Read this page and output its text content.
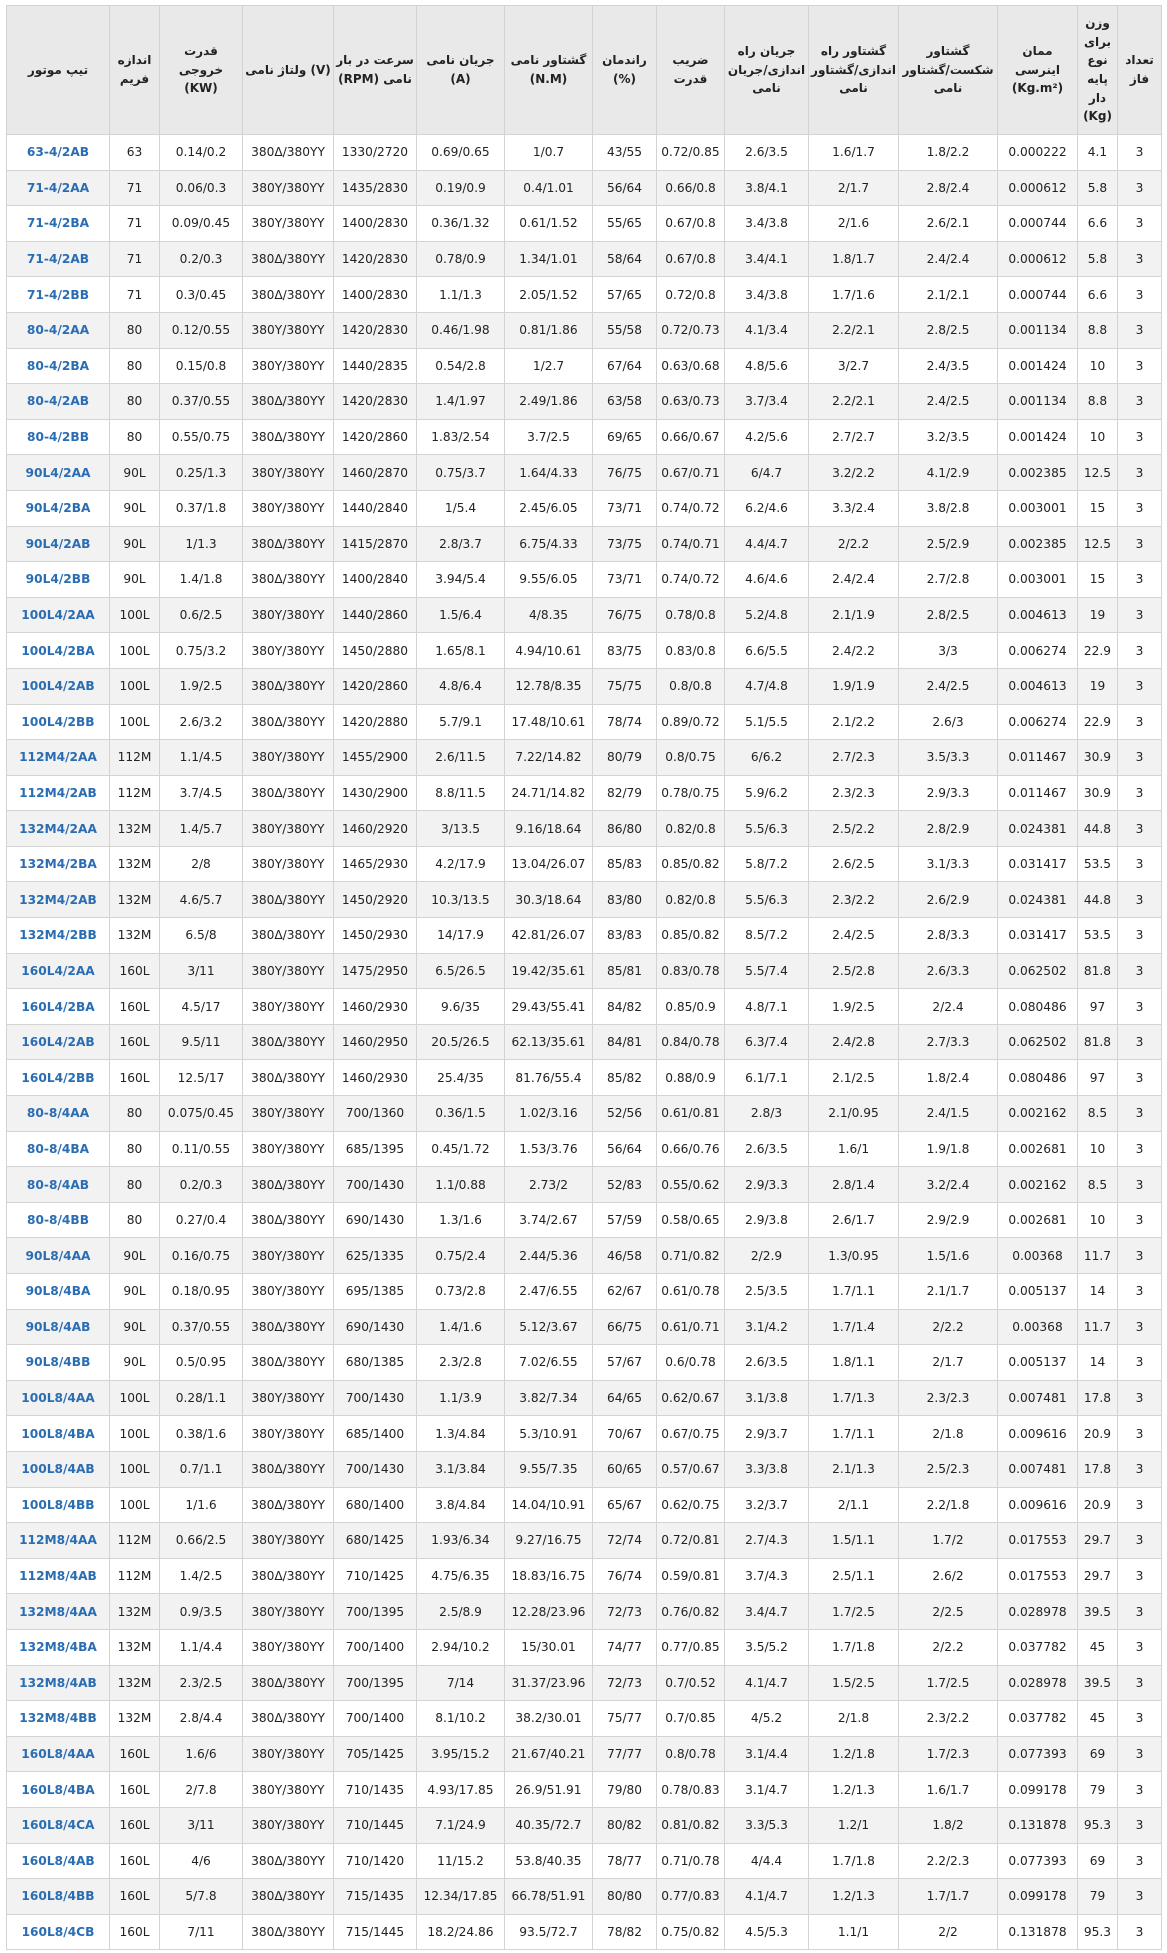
تیپ موتور	اندازه فریم	قدرت خروجی (KW)	(V) ولتاژ نامی	سرعت در بار نامی (RPM)	جریان نامی (A)	گشتاور نامی (N.M)	راندمان (%)	ضریب قدرت	جریان راه اندازی/جریان نامی	گشتاور راه اندازی/گشتاور نامی	گشتاور شکست/گشتاور نامی	ممان اینرسی (Kg.m²)	وزن برای نوع پایه دار (Kg)	تعداد فاز
63-4/2AB	63	0.14/0.2	380Δ/380YY	1330/2720	0.69/0.65	1/0.7	43/55	0.72/0.85	2.6/3.5	1.6/1.7	1.8/2.2	0.000222	4.1	3
71-4/2AA	71	0.06/0.3	380Y/380YY	1435/2830	0.19/0.9	0.4/1.01	56/64	0.66/0.8	3.8/4.1	2/1.7	2.8/2.4	0.000612	5.8	3
71-4/2BA	71	0.09/0.45	380Y/380YY	1400/2830	0.36/1.32	0.61/1.52	55/65	0.67/0.8	3.4/3.8	2/1.6	2.6/2.1	0.000744	6.6	3
71-4/2AB	71	0.2/0.3	380Δ/380YY	1420/2830	0.78/0.9	1.34/1.01	58/64	0.67/0.8	3.4/4.1	1.8/1.7	2.4/2.4	0.000612	5.8	3
71-4/2BB	71	0.3/0.45	380Δ/380YY	1400/2830	1.1/1.3	2.05/1.52	57/65	0.72/0.8	3.4/3.8	1.7/1.6	2.1/2.1	0.000744	6.6	3
80-4/2AA	80	0.12/0.55	380Y/380YY	1420/2830	0.46/1.98	0.81/1.86	55/58	0.72/0.73	4.1/3.4	2.2/2.1	2.8/2.5	0.001134	8.8	3
80-4/2BA	80	0.15/0.8	380Y/380YY	1440/2835	0.54/2.8	1/2.7	67/64	0.63/0.68	4.8/5.6	3/2.7	2.4/3.5	0.001424	10	3
80-4/2AB	80	0.37/0.55	380Δ/380YY	1420/2830	1.4/1.97	2.49/1.86	63/58	0.63/0.73	3.7/3.4	2.2/2.1	2.4/2.5	0.001134	8.8	3
80-4/2BB	80	0.55/0.75	380Δ/380YY	1420/2860	1.83/2.54	3.7/2.5	69/65	0.66/0.67	4.2/5.6	2.7/2.7	3.2/3.5	0.001424	10	3
90L4/2AA	90L	0.25/1.3	380Y/380YY	1460/2870	0.75/3.7	1.64/4.33	76/75	0.67/0.71	6/4.7	3.2/2.2	4.1/2.9	0.002385	12.5	3
90L4/2BA	90L	0.37/1.8	380Y/380YY	1440/2840	1/5.4	2.45/6.05	73/71	0.74/0.72	6.2/4.6	3.3/2.4	3.8/2.8	0.003001	15	3
90L4/2AB	90L	1/1.3	380Δ/380YY	1415/2870	2.8/3.7	6.75/4.33	73/75	0.74/0.71	4.4/4.7	2/2.2	2.5/2.9	0.002385	12.5	3
90L4/2BB	90L	1.4/1.8	380Δ/380YY	1400/2840	3.94/5.4	9.55/6.05	73/71	0.74/0.72	4.6/4.6	2.4/2.4	2.7/2.8	0.003001	15	3
100L4/2AA	100L	0.6/2.5	380Y/380YY	1440/2860	1.5/6.4	4/8.35	76/75	0.78/0.8	5.2/4.8	2.1/1.9	2.8/2.5	0.004613	19	3
100L4/2BA	100L	0.75/3.2	380Y/380YY	1450/2880	1.65/8.1	4.94/10.61	83/75	0.83/0.8	6.6/5.5	2.4/2.2	3/3	0.006274	22.9	3
100L4/2AB	100L	1.9/2.5	380Δ/380YY	1420/2860	4.8/6.4	12.78/8.35	75/75	0.8/0.8	4.7/4.8	1.9/1.9	2.4/2.5	0.004613	19	3
100L4/2BB	100L	2.6/3.2	380Δ/380YY	1420/2880	5.7/9.1	17.48/10.61	78/74	0.89/0.72	5.1/5.5	2.1/2.2	2.6/3	0.006274	22.9	3
112M4/2AA	112M	1.1/4.5	380Y/380YY	1455/2900	2.6/11.5	7.22/14.82	80/79	0.8/0.75	6/6.2	2.7/2.3	3.5/3.3	0.011467	30.9	3
112M4/2AB	112M	3.7/4.5	380Δ/380YY	1430/2900	8.8/11.5	24.71/14.82	82/79	0.78/0.75	5.9/6.2	2.3/2.3	2.9/3.3	0.011467	30.9	3
132M4/2AA	132M	1.4/5.7	380Y/380YY	1460/2920	3/13.5	9.16/18.64	86/80	0.82/0.8	5.5/6.3	2.5/2.2	2.8/2.9	0.024381	44.8	3
132M4/2BA	132M	2/8	380Y/380YY	1465/2930	4.2/17.9	13.04/26.07	85/83	0.85/0.82	5.8/7.2	2.6/2.5	3.1/3.3	0.031417	53.5	3
132M4/2AB	132M	4.6/5.7	380Δ/380YY	1450/2920	10.3/13.5	30.3/18.64	83/80	0.82/0.8	5.5/6.3	2.3/2.2	2.6/2.9	0.024381	44.8	3
132M4/2BB	132M	6.5/8	380Δ/380YY	1450/2930	14/17.9	42.81/26.07	83/83	0.85/0.82	8.5/7.2	2.4/2.5	2.8/3.3	0.031417	53.5	3
160L4/2AA	160L	3/11	380Y/380YY	1475/2950	6.5/26.5	19.42/35.61	85/81	0.83/0.78	5.5/7.4	2.5/2.8	2.6/3.3	0.062502	81.8	3
160L4/2BA	160L	4.5/17	380Y/380YY	1460/2930	9.6/35	29.43/55.41	84/82	0.85/0.9	4.8/7.1	1.9/2.5	2/2.4	0.080486	97	3
160L4/2AB	160L	9.5/11	380Δ/380YY	1460/2950	20.5/26.5	62.13/35.61	84/81	0.84/0.78	6.3/7.4	2.4/2.8	2.7/3.3	0.062502	81.8	3
160L4/2BB	160L	12.5/17	380Δ/380YY	1460/2930	25.4/35	81.76/55.4	85/82	0.88/0.9	6.1/7.1	2.1/2.5	1.8/2.4	0.080486	97	3
80-8/4AA	80	0.075/0.45	380Y/380YY	700/1360	0.36/1.5	1.02/3.16	52/56	0.61/0.81	2.8/3	2.1/0.95	2.4/1.5	0.002162	8.5	3
80-8/4BA	80	0.11/0.55	380Y/380YY	685/1395	0.45/1.72	1.53/3.76	56/64	0.66/0.76	2.6/3.5	1.6/1	1.9/1.8	0.002681	10	3
80-8/4AB	80	0.2/0.3	380Δ/380YY	700/1430	1.1/0.88	2.73/2	52/83	0.55/0.62	2.9/3.3	2.8/1.4	3.2/2.4	0.002162	8.5	3
80-8/4BB	80	0.27/0.4	380Δ/380YY	690/1430	1.3/1.6	3.74/2.67	57/59	0.58/0.65	2.9/3.8	2.6/1.7	2.9/2.9	0.002681	10	3
90L8/4AA	90L	0.16/0.75	380Y/380YY	625/1335	0.75/2.4	2.44/5.36	46/58	0.71/0.82	2/2.9	1.3/0.95	1.5/1.6	0.00368	11.7	3
90L8/4BA	90L	0.18/0.95	380Y/380YY	695/1385	0.73/2.8	2.47/6.55	62/67	0.61/0.78	2.5/3.5	1.7/1.1	2.1/1.7	0.005137	14	3
90L8/4AB	90L	0.37/0.55	380Δ/380YY	690/1430	1.4/1.6	5.12/3.67	66/75	0.61/0.71	3.1/4.2	1.7/1.4	2/2.2	0.00368	11.7	3
90L8/4BB	90L	0.5/0.95	380Δ/380YY	680/1385	2.3/2.8	7.02/6.55	57/67	0.6/0.78	2.6/3.5	1.8/1.1	2/1.7	0.005137	14	3
100L8/4AA	100L	0.28/1.1	380Y/380YY	700/1430	1.1/3.9	3.82/7.34	64/65	0.62/0.67	3.1/3.8	1.7/1.3	2.3/2.3	0.007481	17.8	3
100L8/4BA	100L	0.38/1.6	380Y/380YY	685/1400	1.3/4.84	5.3/10.91	70/67	0.67/0.75	2.9/3.7	1.7/1.1	2/1.8	0.009616	20.9	3
100L8/4AB	100L	0.7/1.1	380Δ/380YY	700/1430	3.1/3.84	9.55/7.35	60/65	0.57/0.67	3.3/3.8	2.1/1.3	2.5/2.3	0.007481	17.8	3
100L8/4BB	100L	1/1.6	380Δ/380YY	680/1400	3.8/4.84	14.04/10.91	65/67	0.62/0.75	3.2/3.7	2/1.1	2.2/1.8	0.009616	20.9	3
112M8/4AA	112M	0.66/2.5	380Y/380YY	680/1425	1.93/6.34	9.27/16.75	72/74	0.72/0.81	2.7/4.3	1.5/1.1	1.7/2	0.017553	29.7	3
112M8/4AB	112M	1.4/2.5	380Δ/380YY	710/1425	4.75/6.35	18.83/16.75	76/74	0.59/0.81	3.7/4.3	2.5/1.1	2.6/2	0.017553	29.7	3
132M8/4AA	132M	0.9/3.5	380Y/380YY	700/1395	2.5/8.9	12.28/23.96	72/73	0.76/0.82	3.4/4.7	1.7/2.5	2/2.5	0.028978	39.5	3
132M8/4BA	132M	1.1/4.4	380Y/380YY	700/1400	2.94/10.2	15/30.01	74/77	0.77/0.85	3.5/5.2	1.7/1.8	2/2.2	0.037782	45	3
132M8/4AB	132M	2.3/2.5	380Δ/380YY	700/1395	7/14	31.37/23.96	72/73	0.7/0.52	4.1/4.7	1.5/2.5	1.7/2.5	0.028978	39.5	3
132M8/4BB	132M	2.8/4.4	380Δ/380YY	700/1400	8.1/10.2	38.2/30.01	75/77	0.7/0.85	4/5.2	2/1.8	2.3/2.2	0.037782	45	3
160L8/4AA	160L	1.6/6	380Y/380YY	705/1425	3.95/15.2	21.67/40.21	77/77	0.8/0.78	3.1/4.4	1.2/1.8	1.7/2.3	0.077393	69	3
160L8/4BA	160L	2/7.8	380Y/380YY	710/1435	4.93/17.85	26.9/51.91	79/80	0.78/0.83	3.1/4.7	1.2/1.3	1.6/1.7	0.099178	79	3
160L8/4CA	160L	3/11	380Y/380YY	710/1445	7.1/24.9	40.35/72.7	80/82	0.81/0.82	3.3/5.3	1.2/1	1.8/2	0.131878	95.3	3
160L8/4AB	160L	4/6	380Δ/380YY	710/1420	11/15.2	53.8/40.35	78/77	0.71/0.78	4/4.4	1.7/1.8	2.2/2.3	0.077393	69	3
160L8/4BB	160L	5/7.8	380Δ/380YY	715/1435	12.34/17.85	66.78/51.91	80/80	0.77/0.83	4.1/4.7	1.2/1.3	1.7/1.7	0.099178	79	3
160L8/4CB	160L	7/11	380Δ/380YY	715/1445	18.2/24.86	93.5/72.7	78/82	0.75/0.82	4.5/5.3	1.1/1	2/2	0.131878	95.3	3
